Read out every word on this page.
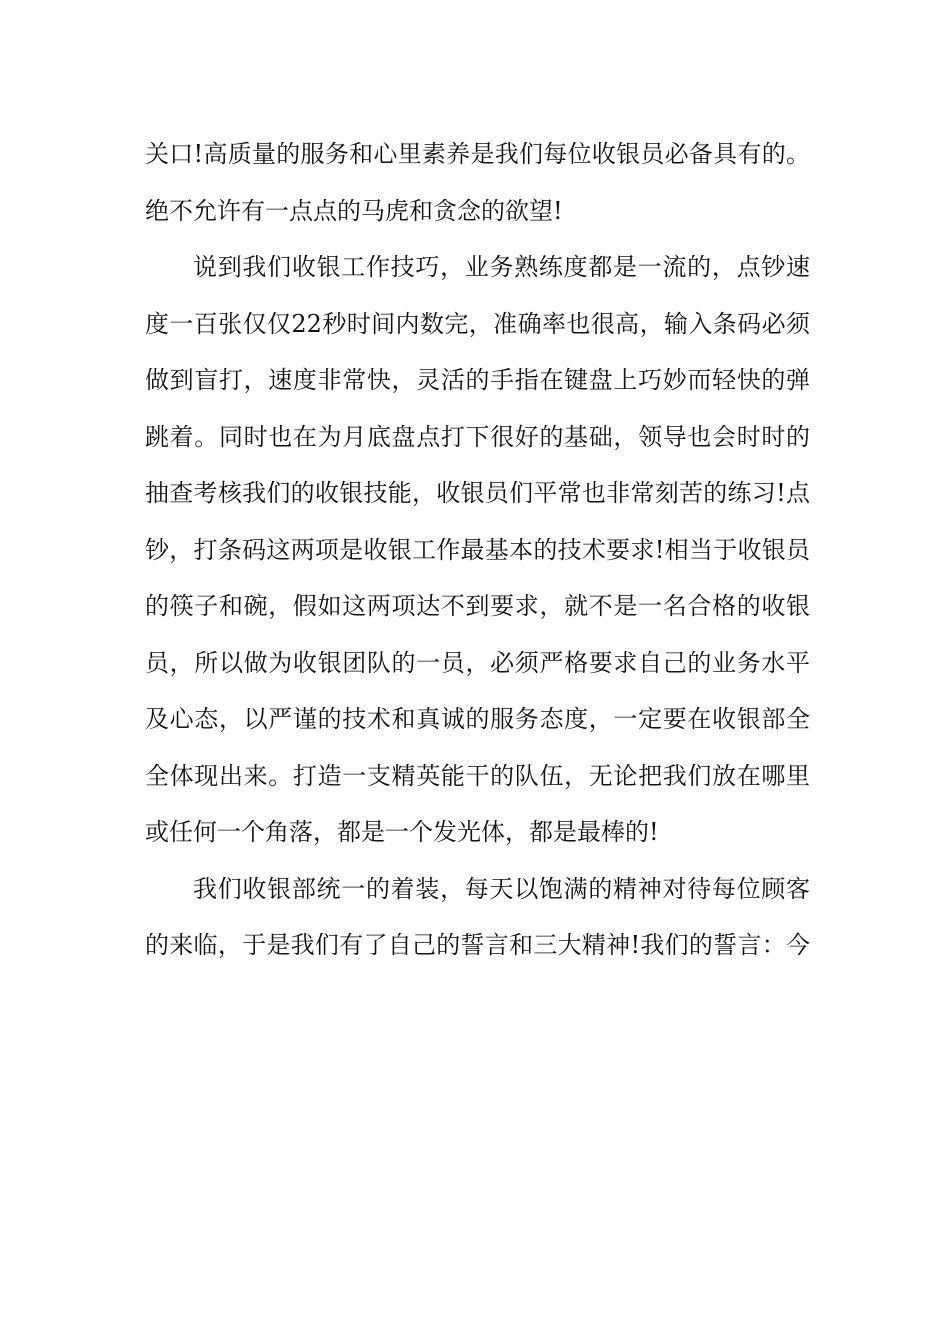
关口!高质量的服务和心里素养是我们每位收银员必备具有的。
绝不允许有一点点的马虎和贪念的欲望!
说到我们收银工作技巧，业务熟练度都是一流的，点钞速
度一百张仅仅22秒时间内数完，准确率也很高，输入条码必须
做到盲打，速度非常快，灵活的手指在键盘上巧妙而轻快的弹
跳着。同时也在为月底盘点打下很好的基础，领导也会时时的
抽查考核我们的收银技能，收银员们平常也非常刻苦的练习!点
钞，打条码这两项是收银工作最基本的技术要求!相当于收银员
的筷子和碗，假如这两项达不到要求，就不是一名合格的收银
员，所以做为收银团队的一员，必须严格要求自己的业务水平
及心态，以严谨的技术和真诚的服务态度，一定要在收银部全
全体现出来。打造一支精英能干的队伍，无论把我们放在哪里
或任何一个角落，都是一个发光体，都是最棒的!
我们收银部统一的着装，每天以饱满的精神对待每位顾客
的来临，于是我们有了自己的誓言和三大精神!我们的誓言：今
